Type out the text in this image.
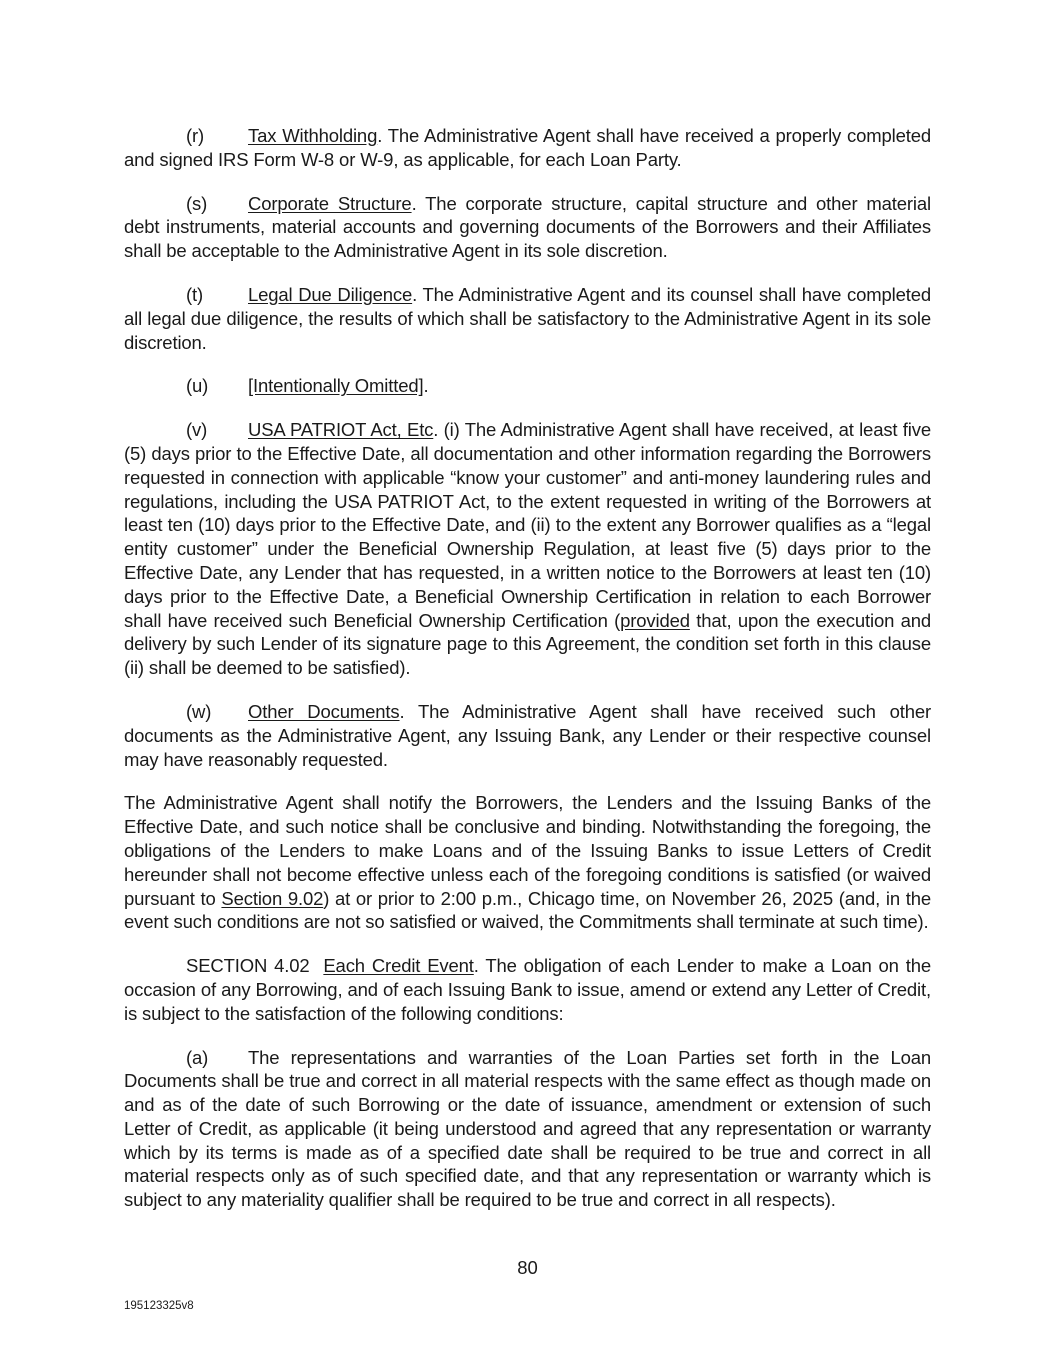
(r) Tax Withholding. The Administrative Agent shall have received a properly completed and signed IRS Form W-8 or W-9, as applicable, for each Loan Party.

(s) Corporate Structure. The corporate structure, capital structure and other material debt instruments, material accounts and governing documents of the Borrowers and their Affiliates shall be acceptable to the Administrative Agent in its sole discretion.

(t) Legal Due Diligence. The Administrative Agent and its counsel shall have completed all legal due diligence, the results of which shall be satisfactory to the Administrative Agent in its sole discretion.

(u) [Intentionally Omitted].

(v) USA PATRIOT Act, Etc. (i) The Administrative Agent shall have received, at least five (5) days prior to the Effective Date, all documentation and other information regarding the Borrowers requested in connection with applicable “know your customer” and anti-money laundering rules and regulations, including the USA PATRIOT Act, to the extent requested in writing of the Borrowers at least ten (10) days prior to the Effective Date, and (ii) to the extent any Borrower qualifies as a “legal entity customer” under the Beneficial Ownership Regulation, at least five (5) days prior to the Effective Date, any Lender that has requested, in a written notice to the Borrowers at least ten (10) days prior to the Effective Date, a Beneficial Ownership Certification in relation to each Borrower shall have received such Beneficial Ownership Certification (provided that, upon the execution and delivery by such Lender of its signature page to this Agreement, the condition set forth in this clause (ii) shall be deemed to be satisfied).

(w) Other Documents. The Administrative Agent shall have received such other documents as the Administrative Agent, any Issuing Bank, any Lender or their respective counsel may have reasonably requested.

The Administrative Agent shall notify the Borrowers, the Lenders and the Issuing Banks of the Effective Date, and such notice shall be conclusive and binding. Notwithstanding the foregoing, the obligations of the Lenders to make Loans and of the Issuing Banks to issue Letters of Credit hereunder shall not become effective unless each of the foregoing conditions is satisfied (or waived pursuant to Section 9.02) at or prior to 2:00 p.m., Chicago time, on November 26, 2025 (and, in the event such conditions are not so satisfied or waived, the Commitments shall terminate at such time).

SECTION 4.02 Each Credit Event. The obligation of each Lender to make a Loan on the occasion of any Borrowing, and of each Issuing Bank to issue, amend or extend any Letter of Credit, is subject to the satisfaction of the following conditions:

(a) The representations and warranties of the Loan Parties set forth in the Loan Documents shall be true and correct in all material respects with the same effect as though made on and as of the date of such Borrowing or the date of issuance, amendment or extension of such Letter of Credit, as applicable (it being understood and agreed that any representation or warranty which by its terms is made as of a specified date shall be required to be true and correct in all material respects only as of such specified date, and that any representation or warranty which is subject to any materiality qualifier shall be required to be true and correct in all respects).

80
195123325v8
